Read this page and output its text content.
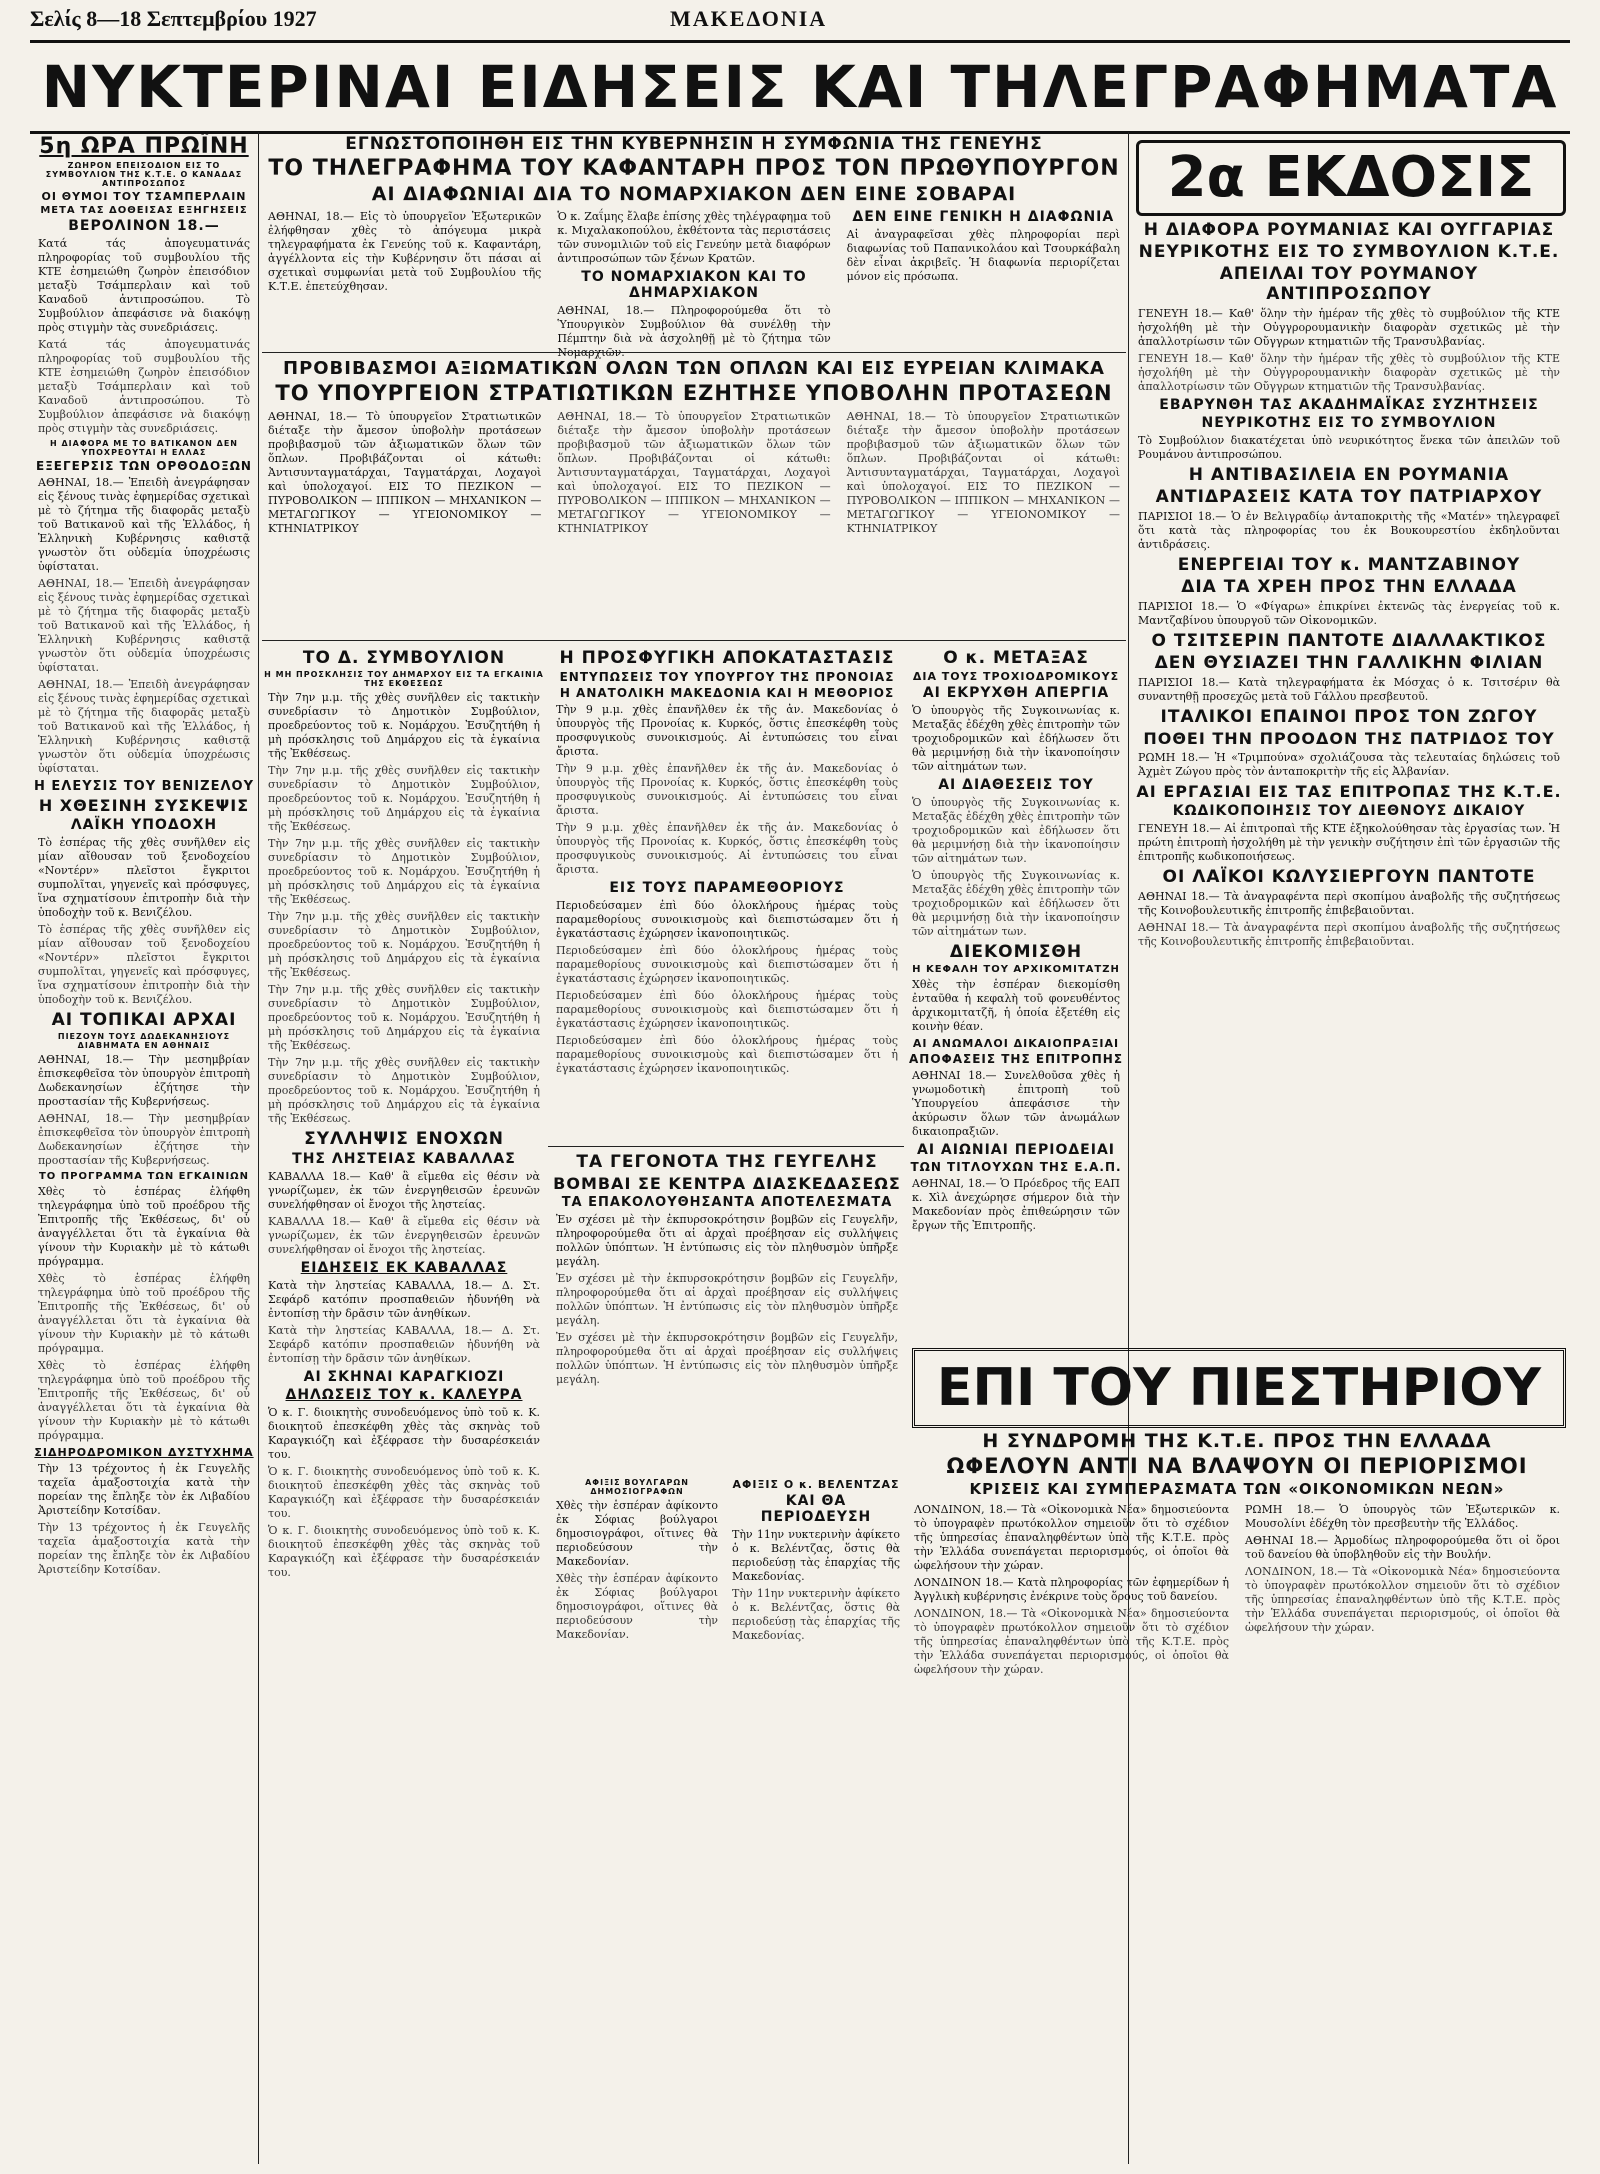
Σελίς 8—18 Σεπτεμβρίου 1927	ΜΑΚΕΔΟΝΙΑ
ΝΥΚΤΕΡΙΝΑΙ ΕΙΔΗΣΕΙΣ ΚΑΙ ΤΗΛΕΓΡΑΦΗΜΑΤΑ
5η ΩΡΑ ΠΡΩΪΝΗ
ΖΩΗΡΟΝ ΕΠΕΙΣΟΔΙΟΝ ΕΙΣ ΤΟ ΣΥΜΒΟΥΛΙΟΝ ΤΗΣ Κ.Τ.Ε. Ο ΚΑΝΑΔΑΣ ΑΝΤΙΠΡΟΣΩΠΟΣ
ΟΙ ΘΥΜΟΙ ΤΟΥ ΤΣΑΜΠΕΡΛΑΙΝ
ΜΕΤΑ ΤΑΣ ΔΟΘΕΙΣΑΣ ΕΞΗΓΗΣΕΙΣ
ΒΕΡΟΛΙΝΟΝ 18.—
Κατά τάς ἀπογευματινάς πληροφορίας τοῦ συμβουλίου τῆς ΚΤΕ ἐσημειώθη ζωηρὸν ἐπεισόδιον μεταξὺ Τσάμπερλαιν καὶ τοῦ Καναδοῦ ἀντιπροσώπου. Τὸ Συμβούλιον ἀπεφάσισε νὰ διακόψῃ πρὸς στιγμὴν τὰς συνεδριάσεις.
Κατά τάς ἀπογευματινάς πληροφορίας τοῦ συμβουλίου τῆς ΚΤΕ ἐσημειώθη ζωηρὸν ἐπεισόδιον μεταξὺ Τσάμπερλαιν καὶ τοῦ Καναδοῦ ἀντιπροσώπου. Τὸ Συμβούλιον ἀπεφάσισε νὰ διακόψῃ πρὸς στιγμὴν τὰς συνεδριάσεις.
Η ΔΙΑΦΟΡΑ ΜΕ ΤΟ ΒΑΤΙΚΑΝΟΝ ΔΕΝ ΥΠΟΧΡΕΟΥΤΑΙ Η ΕΛΛΑΣ
ΕΞΕΓΕΡΣΙΣ ΤΩΝ ΟΡΘΟΔΟΞΩΝ
ΑΘΗΝΑΙ, 18.— Ἐπειδὴ ἀνεγράφησαν εἰς ξένους τινὰς ἐφημερίδας σχετικαὶ μὲ τὸ ζήτημα τῆς διαφορᾶς μεταξὺ τοῦ Βατικανοῦ καὶ τῆς Ἑλλάδος, ἡ Ἑλληνικὴ Κυβέρνησις καθιστᾷ γνωστὸν ὅτι οὐδεμία ὑποχρέωσις ὑφίσταται.
ΑΘΗΝΑΙ, 18.— Ἐπειδὴ ἀνεγράφησαν εἰς ξένους τινὰς ἐφημερίδας σχετικαὶ μὲ τὸ ζήτημα τῆς διαφορᾶς μεταξὺ τοῦ Βατικανοῦ καὶ τῆς Ἑλλάδος, ἡ Ἑλληνικὴ Κυβέρνησις καθιστᾷ γνωστὸν ὅτι οὐδεμία ὑποχρέωσις ὑφίσταται.
ΑΘΗΝΑΙ, 18.— Ἐπειδὴ ἀνεγράφησαν εἰς ξένους τινὰς ἐφημερίδας σχετικαὶ μὲ τὸ ζήτημα τῆς διαφορᾶς μεταξὺ τοῦ Βατικανοῦ καὶ τῆς Ἑλλάδος, ἡ Ἑλληνικὴ Κυβέρνησις καθιστᾷ γνωστὸν ὅτι οὐδεμία ὑποχρέωσις ὑφίσταται.
Η ΕΛΕΥΣΙΣ ΤΟΥ ΒΕΝΙΖΕΛΟΥ
Η ΧΘΕΣΙΝΗ ΣΥΣΚΕΨΙΣ
ΛΑΪΚΗ ΥΠΟΔΟΧΗ
Τὸ ἑσπέρας τῆς χθὲς συνῆλθεν εἰς μίαν αἴθουσαν τοῦ ξενοδοχείου «Νοντέρν» πλεῖστοι ἔγκριτοι συμπολῖται, γηγενεῖς καὶ πρόσφυγες, ἵνα σχηματίσουν ἐπιτροπὴν διὰ τὴν ὑποδοχὴν τοῦ κ. Βενιζέλου.
Τὸ ἑσπέρας τῆς χθὲς συνῆλθεν εἰς μίαν αἴθουσαν τοῦ ξενοδοχείου «Νοντέρν» πλεῖστοι ἔγκριτοι συμπολῖται, γηγενεῖς καὶ πρόσφυγες, ἵνα σχηματίσουν ἐπιτροπὴν διὰ τὴν ὑποδοχὴν τοῦ κ. Βενιζέλου.
ΑΙ ΤΟΠΙΚΑΙ ΑΡΧΑΙ
ΠΙΕΖΟΥΝ ΤΟΥΣ ΔΩΔΕΚΑΝΗΣΙΟΥΣ ΔΙΑΒΗΜΑΤΑ ΕΝ ΑΘΗΝΑΙΣ
ΑΘΗΝΑΙ, 18.— Τὴν μεσημβρίαν ἐπισκεφθεῖσα τὸν ὑπουργὸν ἐπιτροπὴ Δωδεκανησίων ἐζήτησε τὴν προστασίαν τῆς Κυβερνήσεως.
ΑΘΗΝΑΙ, 18.— Τὴν μεσημβρίαν ἐπισκεφθεῖσα τὸν ὑπουργὸν ἐπιτροπὴ Δωδεκανησίων ἐζήτησε τὴν προστασίαν τῆς Κυβερνήσεως.
ΤΟ ΠΡΟΓΡΑΜΜΑ ΤΩΝ ΕΓΚΑΙΝΙΩΝ
Χθὲς τὸ ἑσπέρας ἐλήφθη τηλεγράφημα ὑπὸ τοῦ προέδρου τῆς Ἐπιτροπῆς τῆς Ἐκθέσεως, δι' οὗ ἀναγγέλλεται ὅτι τὰ ἐγκαίνια θὰ γίνουν τὴν Κυριακὴν μὲ τὸ κάτωθι πρόγραμμα.
Χθὲς τὸ ἑσπέρας ἐλήφθη τηλεγράφημα ὑπὸ τοῦ προέδρου τῆς Ἐπιτροπῆς τῆς Ἐκθέσεως, δι' οὗ ἀναγγέλλεται ὅτι τὰ ἐγκαίνια θὰ γίνουν τὴν Κυριακὴν μὲ τὸ κάτωθι πρόγραμμα.
Χθὲς τὸ ἑσπέρας ἐλήφθη τηλεγράφημα ὑπὸ τοῦ προέδρου τῆς Ἐπιτροπῆς τῆς Ἐκθέσεως, δι' οὗ ἀναγγέλλεται ὅτι τὰ ἐγκαίνια θὰ γίνουν τὴν Κυριακὴν μὲ τὸ κάτωθι πρόγραμμα.
ΣΙΔΗΡΟΔΡΟΜΙΚΟΝ ΔΥΣΤΥΧΗΜΑ
Τὴν 13 τρέχοντος ἡ ἐκ Γευγελῆς ταχεῖα ἀμαξοστοιχία κατὰ τὴν πορείαν της ἔπληξε τὸν ἐκ Λιβαδίου Ἀριστείδην Κοτσίδαν.
Τὴν 13 τρέχοντος ἡ ἐκ Γευγελῆς ταχεῖα ἀμαξοστοιχία κατὰ τὴν πορείαν της ἔπληξε τὸν ἐκ Λιβαδίου Ἀριστείδην Κοτσίδαν.
ΕΓΝΩΣΤΟΠΟΙΗΘΗ ΕΙΣ ΤΗΝ ΚΥΒΕΡΝΗΣΙΝ Η ΣΥΜΦΩΝΙΑ ΤΗΣ ΓΕΝΕΥΗΣ
ΤΟ ΤΗΛΕΓΡΑΦΗΜΑ ΤΟΥ ΚΑΦΑΝΤΑΡΗ ΠΡΟΣ ΤΟΝ ΠΡΩΘΥΠΟΥΡΓΟΝ
ΑΙ ΔΙΑΦΩΝΙΑΙ ΔΙΑ ΤΟ ΝΟΜΑΡΧΙΑΚΟΝ ΔΕΝ ΕΙΝΕ ΣΟΒΑΡΑΙ
ΑΘΗΝΑΙ, 18.— Εἰς τὸ ὑπουργεῖον Ἐξωτερικῶν ἐλήφθησαν χθὲς τὸ ἀπόγευμα μικρὰ τηλεγραφήματα ἐκ Γενεύης τοῦ κ. Καφαντάρη, ἀγγέλλοντα εἰς τὴν Κυβέρνησιν ὅτι πάσαι αἱ σχετικαὶ συμφωνίαι μετὰ τοῦ Συμβουλίου τῆς Κ.Τ.Ε. ἐπετεύχθησαν.
Ὁ κ. Ζαΐμης ἔλαβε ἐπίσης χθὲς τηλέγραφημα τοῦ κ. Μιχαλακοπούλου, ἐκθέτοντα τὰς περιστάσεις τῶν συνομιλιῶν τοῦ εἰς Γενεύην μετὰ διαφόρων ἀντιπροσώπων τῶν ξένων Κρατῶν.
ΤΟ ΝΟΜΑΡΧΙΑΚΟΝ ΚΑΙ ΤΟ ΔΗΜΑΡΧΙΑΚΟΝ
ΑΘΗΝΑΙ, 18.— Πληροφορούμεθα ὅτι τὸ Ὑπουργικὸν Συμβούλιον θὰ συνέλθῃ τὴν Πέμπτην διὰ νὰ ἀσχοληθῇ μὲ τὸ ζήτημα τῶν Νομαρχιῶν.
ΔΕΝ ΕΙΝΕ ΓΕΝΙΚΗ Η ΔΙΑΦΩΝΙΑ
Αἱ ἀναγραφεῖσαι χθὲς πληροφορίαι περὶ διαφωνίας τοῦ Παπανικολάου καὶ Τσουρκάβαλη δὲν εἶναι ἀκριβεῖς. Ἡ διαφωνία περιορίζεται μόνον εἰς πρόσωπα.
ΠΡΟΒΙΒΑΣΜΟΙ ΑΞΙΩΜΑΤΙΚΩΝ ΟΛΩΝ ΤΩΝ ΟΠΛΩΝ ΚΑΙ ΕΙΣ ΕΥΡΕΙΑΝ ΚΛΙΜΑΚΑ
ΤΟ ΥΠΟΥΡΓΕΙΟΝ ΣΤΡΑΤΙΩΤΙΚΩΝ ΕΖΗΤΗΣΕ ΥΠΟΒΟΛΗΝ ΠΡΟΤΑΣΕΩΝ
ΑΘΗΝΑΙ, 18.— Τὸ ὑπουργεῖον Στρατιωτικῶν διέταξε τὴν ἄμεσον ὑποβολὴν προτάσεων προβιβασμοῦ τῶν ἀξιωματικῶν ὅλων τῶν ὅπλων. Προβιβάζονται οἱ κάτωθι: Ἀντισυνταγματάρχαι, Ταγματάρχαι, Λοχαγοὶ καὶ ὑπολοχαγοί. ΕΙΣ ΤΟ ΠΕΖΙΚΟΝ — ΠΥΡΟΒΟΛΙΚΟΝ — ΙΠΠΙΚΟΝ — ΜΗΧΑΝΙΚΟΝ — ΜΕΤΑΓΩΓΙΚΟΥ — ΥΓΕΙΟΝΟΜΙΚΟΥ — ΚΤΗΝΙΑΤΡΙΚΟΥ
ΑΘΗΝΑΙ, 18.— Τὸ ὑπουργεῖον Στρατιωτικῶν διέταξε τὴν ἄμεσον ὑποβολὴν προτάσεων προβιβασμοῦ τῶν ἀξιωματικῶν ὅλων τῶν ὅπλων. Προβιβάζονται οἱ κάτωθι: Ἀντισυνταγματάρχαι, Ταγματάρχαι, Λοχαγοὶ καὶ ὑπολοχαγοί. ΕΙΣ ΤΟ ΠΕΖΙΚΟΝ — ΠΥΡΟΒΟΛΙΚΟΝ — ΙΠΠΙΚΟΝ — ΜΗΧΑΝΙΚΟΝ — ΜΕΤΑΓΩΓΙΚΟΥ — ΥΓΕΙΟΝΟΜΙΚΟΥ — ΚΤΗΝΙΑΤΡΙΚΟΥ
ΑΘΗΝΑΙ, 18.— Τὸ ὑπουργεῖον Στρατιωτικῶν διέταξε τὴν ἄμεσον ὑποβολὴν προτάσεων προβιβασμοῦ τῶν ἀξιωματικῶν ὅλων τῶν ὅπλων. Προβιβάζονται οἱ κάτωθι: Ἀντισυνταγματάρχαι, Ταγματάρχαι, Λοχαγοὶ καὶ ὑπολοχαγοί. ΕΙΣ ΤΟ ΠΕΖΙΚΟΝ — ΠΥΡΟΒΟΛΙΚΟΝ — ΙΠΠΙΚΟΝ — ΜΗΧΑΝΙΚΟΝ — ΜΕΤΑΓΩΓΙΚΟΥ — ΥΓΕΙΟΝΟΜΙΚΟΥ — ΚΤΗΝΙΑΤΡΙΚΟΥ
ΤΟ Δ. ΣΥΜΒΟΥΛΙΟΝ
Η ΜΗ ΠΡΟΣΚΛΗΣΙΣ ΤΟΥ ΔΗΜΑΡΧΟΥ ΕΙΣ ΤΑ ΕΓΚΑΙΝΙΑ ΤΗΣ ΕΚΘΕΣΕΩΣ
Τὴν 7ην μ.μ. τῆς χθὲς συνῆλθεν εἰς τακτικὴν συνεδρίασιν τὸ Δημοτικὸν Συμβούλιον, προεδρεύοντος τοῦ κ. Νομάρχου. Ἐσυζητήθη ἡ μὴ πρόσκλησις τοῦ Δημάρχου εἰς τὰ ἐγκαίνια τῆς Ἐκθέσεως.
Τὴν 7ην μ.μ. τῆς χθὲς συνῆλθεν εἰς τακτικὴν συνεδρίασιν τὸ Δημοτικὸν Συμβούλιον, προεδρεύοντος τοῦ κ. Νομάρχου. Ἐσυζητήθη ἡ μὴ πρόσκλησις τοῦ Δημάρχου εἰς τὰ ἐγκαίνια τῆς Ἐκθέσεως.
Τὴν 7ην μ.μ. τῆς χθὲς συνῆλθεν εἰς τακτικὴν συνεδρίασιν τὸ Δημοτικὸν Συμβούλιον, προεδρεύοντος τοῦ κ. Νομάρχου. Ἐσυζητήθη ἡ μὴ πρόσκλησις τοῦ Δημάρχου εἰς τὰ ἐγκαίνια τῆς Ἐκθέσεως.
Τὴν 7ην μ.μ. τῆς χθὲς συνῆλθεν εἰς τακτικὴν συνεδρίασιν τὸ Δημοτικὸν Συμβούλιον, προεδρεύοντος τοῦ κ. Νομάρχου. Ἐσυζητήθη ἡ μὴ πρόσκλησις τοῦ Δημάρχου εἰς τὰ ἐγκαίνια τῆς Ἐκθέσεως.
Τὴν 7ην μ.μ. τῆς χθὲς συνῆλθεν εἰς τακτικὴν συνεδρίασιν τὸ Δημοτικὸν Συμβούλιον, προεδρεύοντος τοῦ κ. Νομάρχου. Ἐσυζητήθη ἡ μὴ πρόσκλησις τοῦ Δημάρχου εἰς τὰ ἐγκαίνια τῆς Ἐκθέσεως.
Τὴν 7ην μ.μ. τῆς χθὲς συνῆλθεν εἰς τακτικὴν συνεδρίασιν τὸ Δημοτικὸν Συμβούλιον, προεδρεύοντος τοῦ κ. Νομάρχου. Ἐσυζητήθη ἡ μὴ πρόσκλησις τοῦ Δημάρχου εἰς τὰ ἐγκαίνια τῆς Ἐκθέσεως.
ΣΥΛΛΗΨΙΣ ΕΝΟΧΩΝ
ΤΗΣ ΛΗΣΤΕΙΑΣ ΚΑΒΑΛΛΑΣ
ΚΑΒΑΛΛΑ 18.— Καθ' ἃ εἴμεθα εἰς θέσιν νὰ γνωρίζωμεν, ἐκ τῶν ἐνεργηθεισῶν ἐρευνῶν συνελήφθησαν οἱ ἔνοχοι τῆς ληστείας.
ΚΑΒΑΛΛΑ 18.— Καθ' ἃ εἴμεθα εἰς θέσιν νὰ γνωρίζωμεν, ἐκ τῶν ἐνεργηθεισῶν ἐρευνῶν συνελήφθησαν οἱ ἔνοχοι τῆς ληστείας.
ΕΙΔΗΣΕΙΣ ΕΚ ΚΑΒΑΛΛΑΣ
Κατὰ τὴν ληστείας ΚΑΒΑΛΛΑ, 18.— Δ. Στ. Σεφάρδ κατόπιν προσπαθειῶν ἠδυνήθη νὰ ἐντοπίσῃ τὴν δρᾶσιν τῶν ἀνηθίκων.
Κατὰ τὴν ληστείας ΚΑΒΑΛΛΑ, 18.— Δ. Στ. Σεφάρδ κατόπιν προσπαθειῶν ἠδυνήθη νὰ ἐντοπίσῃ τὴν δρᾶσιν τῶν ἀνηθίκων.
ΑΙ ΣΚΗΝΑΙ ΚΑΡΑΓΚΙΟΖΙ
ΔΗΛΩΣΕΙΣ ΤΟΥ κ. ΚΑΛΕΥΡΑ
Ὁ κ. Γ. διοικητὴς συνοδευόμενος ὑπὸ τοῦ κ. Κ. διοικητοῦ ἐπεσκέφθη χθὲς τὰς σκηνὰς τοῦ Καραγκιόζη καὶ ἐξέφρασε τὴν δυσαρέσκειάν του.
Ὁ κ. Γ. διοικητὴς συνοδευόμενος ὑπὸ τοῦ κ. Κ. διοικητοῦ ἐπεσκέφθη χθὲς τὰς σκηνὰς τοῦ Καραγκιόζη καὶ ἐξέφρασε τὴν δυσαρέσκειάν του.
Ὁ κ. Γ. διοικητὴς συνοδευόμενος ὑπὸ τοῦ κ. Κ. διοικητοῦ ἐπεσκέφθη χθὲς τὰς σκηνὰς τοῦ Καραγκιόζη καὶ ἐξέφρασε τὴν δυσαρέσκειάν του.
Η ΠΡΟΣΦΥΓΙΚΗ ΑΠΟΚΑΤΑΣΤΑΣΙΣ
ΕΝΤΥΠΩΣΕΙΣ ΤΟΥ ΥΠΟΥΡΓΟΥ ΤΗΣ ΠΡΟΝΟΙΑΣ
Η ΑΝΑΤΟΛΙΚΗ ΜΑΚΕΔΟΝΙΑ ΚΑΙ Η ΜΕΘΟΡΙΟΣ
Τὴν 9 μ.μ. χθὲς ἐπανῆλθεν ἐκ τῆς ἀν. Μακεδονίας ὁ ὑπουργὸς τῆς Προνοίας κ. Κυρκός, ὅστις ἐπεσκέφθη τοὺς προσφυγικοὺς συνοικισμούς. Αἱ ἐντυπώσεις του εἶναι ἄριστα.
Τὴν 9 μ.μ. χθὲς ἐπανῆλθεν ἐκ τῆς ἀν. Μακεδονίας ὁ ὑπουργὸς τῆς Προνοίας κ. Κυρκός, ὅστις ἐπεσκέφθη τοὺς προσφυγικοὺς συνοικισμούς. Αἱ ἐντυπώσεις του εἶναι ἄριστα.
Τὴν 9 μ.μ. χθὲς ἐπανῆλθεν ἐκ τῆς ἀν. Μακεδονίας ὁ ὑπουργὸς τῆς Προνοίας κ. Κυρκός, ὅστις ἐπεσκέφθη τοὺς προσφυγικοὺς συνοικισμούς. Αἱ ἐντυπώσεις του εἶναι ἄριστα.
ΕΙΣ ΤΟΥΣ ΠΑΡΑΜΕΘΟΡΙΟΥΣ
Περιοδεύσαμεν ἐπὶ δύο ὁλοκλήρους ἡμέρας τοὺς παραμεθορίους συνοικισμοὺς καὶ διεπιστώσαμεν ὅτι ἡ ἐγκατάστασις ἐχώρησεν ἱκανοποιητικῶς.
Περιοδεύσαμεν ἐπὶ δύο ὁλοκλήρους ἡμέρας τοὺς παραμεθορίους συνοικισμοὺς καὶ διεπιστώσαμεν ὅτι ἡ ἐγκατάστασις ἐχώρησεν ἱκανοποιητικῶς.
Περιοδεύσαμεν ἐπὶ δύο ὁλοκλήρους ἡμέρας τοὺς παραμεθορίους συνοικισμοὺς καὶ διεπιστώσαμεν ὅτι ἡ ἐγκατάστασις ἐχώρησεν ἱκανοποιητικῶς.
Περιοδεύσαμεν ἐπὶ δύο ὁλοκλήρους ἡμέρας τοὺς παραμεθορίους συνοικισμοὺς καὶ διεπιστώσαμεν ὅτι ἡ ἐγκατάστασις ἐχώρησεν ἱκανοποιητικῶς.
Ο κ. ΜΕΤΑΞΑΣ
ΔΙΑ ΤΟΥΣ ΤΡΟΧΙΟΔΡΟΜΙΚΟΥΣ
ΑΙ ΕΚΡΥΧΘΗ ΑΠΕΡΓΙΑ
Ὁ ὑπουργὸς τῆς Συγκοινωνίας κ. Μεταξᾶς ἐδέχθη χθὲς ἐπιτροπὴν τῶν τροχιοδρομικῶν καὶ ἐδήλωσεν ὅτι θὰ μεριμνήσῃ διὰ τὴν ἱκανοποίησιν τῶν αἰτημάτων των.
ΑΙ ΔΙΑΘΕΣΕΙΣ ΤΟΥ
Ὁ ὑπουργὸς τῆς Συγκοινωνίας κ. Μεταξᾶς ἐδέχθη χθὲς ἐπιτροπὴν τῶν τροχιοδρομικῶν καὶ ἐδήλωσεν ὅτι θὰ μεριμνήσῃ διὰ τὴν ἱκανοποίησιν τῶν αἰτημάτων των.
Ὁ ὑπουργὸς τῆς Συγκοινωνίας κ. Μεταξᾶς ἐδέχθη χθὲς ἐπιτροπὴν τῶν τροχιοδρομικῶν καὶ ἐδήλωσεν ὅτι θὰ μεριμνήσῃ διὰ τὴν ἱκανοποίησιν τῶν αἰτημάτων των.
ΔΙΕΚΟΜΙΣΘΗ
Η ΚΕΦΑΛΗ ΤΟΥ ΑΡΧΙΚΟΜΙΤΑΤΖΗ
Χθὲς τὴν ἑσπέραν διεκομίσθη ἐνταῦθα ἡ κεφαλὴ τοῦ φονευθέντος ἀρχικομιτατζῆ, ἡ ὁποία ἐξετέθη εἰς κοινὴν θέαν.
ΑΙ ΑΝΩΜΑΛΟΙ ΔΙΚΑΙΟΠΡΑΞΙΑΙ
ΑΠΟΦΑΣΕΙΣ ΤΗΣ ΕΠΙΤΡΟΠΗΣ
ΑΘΗΝΑΙ 18.— Συνελθοῦσα χθὲς ἡ γνωμοδοτικὴ ἐπιτροπὴ τοῦ Ὑπουργείου ἀπεφάσισε τὴν ἀκύρωσιν ὅλων τῶν ἀνωμάλων δικαιοπραξιῶν.
ΑΙ ΑΙΩΝΙΑΙ ΠΕΡΙΟΔΕΙΑΙ
ΤΩΝ ΤΙΤΛΟΥΧΩΝ ΤΗΣ Ε.Α.Π.
ΑΘΗΝΑΙ, 18.— Ὁ Πρόεδρος τῆς ΕΑΠ κ. Χὶλ ἀνεχώρησε σήμερον διὰ τὴν Μακεδονίαν πρὸς ἐπιθεώρησιν τῶν ἔργων τῆς Ἐπιτροπῆς.
ΤΑ ΓΕΓΟΝΟΤΑ ΤΗΣ ΓΕΥΓΕΛΗΣ
ΒΟΜΒΑΙ ΣΕ ΚΕΝΤΡΑ ΔΙΑΣΚΕΔΑΣΕΩΣ
ΤΑ ΕΠΑΚΟΛΟΥΘΗΣΑΝΤΑ ΑΠΟΤΕΛΕΣΜΑΤΑ
Ἐν σχέσει μὲ τὴν ἐκπυρσοκρότησιν βομβῶν εἰς Γευγελῆν, πληροφορούμεθα ὅτι αἱ ἀρχαὶ προέβησαν εἰς συλλήψεις πολλῶν ὑπόπτων. Ἡ ἐντύπωσις εἰς τὸν πληθυσμὸν ὑπῆρξε μεγάλη.
Ἐν σχέσει μὲ τὴν ἐκπυρσοκρότησιν βομβῶν εἰς Γευγελῆν, πληροφορούμεθα ὅτι αἱ ἀρχαὶ προέβησαν εἰς συλλήψεις πολλῶν ὑπόπτων. Ἡ ἐντύπωσις εἰς τὸν πληθυσμὸν ὑπῆρξε μεγάλη.
Ἐν σχέσει μὲ τὴν ἐκπυρσοκρότησιν βομβῶν εἰς Γευγελῆν, πληροφορούμεθα ὅτι αἱ ἀρχαὶ προέβησαν εἰς συλλήψεις πολλῶν ὑπόπτων. Ἡ ἐντύπωσις εἰς τὸν πληθυσμὸν ὑπῆρξε μεγάλη.
ΑΦΙΞΙΣ ΒΟΥΛΓΑΡΩΝ ΔΗΜΟΣΙΟΓΡΑΦΩΝ
Χθὲς τὴν ἑσπέραν ἀφίκοντο ἐκ Σόφιας βούλγαροι δημοσιογράφοι, οἵτινες θὰ περιοδεύσουν τὴν Μακεδονίαν.
Χθὲς τὴν ἑσπέραν ἀφίκοντο ἐκ Σόφιας βούλγαροι δημοσιογράφοι, οἵτινες θὰ περιοδεύσουν τὴν Μακεδονίαν.
ΑΦΙΞΙΣ Ο κ. ΒΕΛΕΝΤΖΑΣ
ΚΑΙ ΘΑ ΠΕΡΙΟΔΕΥΣΗ
Τὴν 11ην νυκτερινὴν ἀφίκετο ὁ κ. Βελέντζας, ὅστις θὰ περιοδεύσῃ τὰς ἐπαρχίας τῆς Μακεδονίας.
Τὴν 11ην νυκτερινὴν ἀφίκετο ὁ κ. Βελέντζας, ὅστις θὰ περιοδεύσῃ τὰς ἐπαρχίας τῆς Μακεδονίας.
2α ΕΚΔΟΣΙΣ
Η ΔΙΑΦΟΡΑ ΡΟΥΜΑΝΙΑΣ ΚΑΙ ΟΥΓΓΑΡΙΑΣ
ΝΕΥΡΙΚΟΤΗΣ ΕΙΣ ΤΟ ΣΥΜΒΟΥΛΙΟΝ Κ.Τ.Ε.
ΑΠΕΙΛΑΙ ΤΟΥ ΡΟΥΜΑΝΟΥ ΑΝΤΙΠΡΟΣΩΠΟΥ
ΓΕΝΕΥΗ 18.— Καθ' ὅλην τὴν ἡμέραν τῆς χθὲς τὸ συμβούλιον τῆς ΚΤΕ ἠσχολήθη μὲ τὴν Οὐγγρορουμανικὴν διαφορὰν σχετικῶς μὲ τὴν ἀπαλλοτρίωσιν τῶν Οὔγγρων κτηματιῶν τῆς Τρανσυλβανίας.
ΓΕΝΕΥΗ 18.— Καθ' ὅλην τὴν ἡμέραν τῆς χθὲς τὸ συμβούλιον τῆς ΚΤΕ ἠσχολήθη μὲ τὴν Οὐγγρορουμανικὴν διαφορὰν σχετικῶς μὲ τὴν ἀπαλλοτρίωσιν τῶν Οὔγγρων κτηματιῶν τῆς Τρανσυλβανίας.
ΕΒΑΡΥΝΘΗ ΤΑΣ ΑΚΑΔΗΜΑΪΚΑΣ ΣΥΖΗΤΗΣΕΙΣ
ΝΕΥΡΙΚΟΤΗΣ ΕΙΣ ΤΟ ΣΥΜΒΟΥΛΙΟΝ
Τὸ Συμβούλιον διακατέχεται ὑπὸ νευρικότητος ἕνεκα τῶν ἀπειλῶν τοῦ Ρουμάνου ἀντιπροσώπου.
Η ΑΝΤΙΒΑΣΙΛΕΙΑ ΕΝ ΡΟΥΜΑΝΙΑ
ΑΝΤΙΔΡΑΣΕΙΣ ΚΑΤΑ ΤΟΥ ΠΑΤΡΙΑΡΧΟΥ
ΠΑΡΙΣΙΟΙ 18.— Ὁ ἐν Βελιγραδίῳ ἀνταποκριτὴς τῆς «Ματέν» τηλεγραφεῖ ὅτι κατὰ τὰς πληροφορίας του ἐκ Βουκουρεστίου ἐκδηλοῦνται ἀντιδράσεις.
ΕΝΕΡΓΕΙΑΙ ΤΟΥ κ. ΜΑΝΤΖΑΒΙΝΟΥ
ΔΙΑ ΤΑ ΧΡΕΗ ΠΡΟΣ ΤΗΝ ΕΛΛΑΔΑ
ΠΑΡΙΣΙΟΙ 18.— Ὁ «Φίγαρω» ἐπικρίνει ἐκτενῶς τὰς ἐνεργείας τοῦ κ. Μαντζαβίνου ὑπουργοῦ τῶν Οἰκονομικῶν.
Ο ΤΣΙΤΣΕΡΙΝ ΠΑΝΤΟΤΕ ΔΙΑΛΛΑΚΤΙΚΟΣ
ΔΕΝ ΘΥΣΙΑΖΕΙ ΤΗΝ ΓΑΛΛΙΚΗΝ ΦΙΛΙΑΝ
ΠΑΡΙΣΙΟΙ 18.— Κατὰ τηλεγραφήματα ἐκ Μόσχας ὁ κ. Τσιτσέριν θὰ συναντηθῇ προσεχῶς μετὰ τοῦ Γάλλου πρεσβευτοῦ.
ΙΤΑΛΙΚΟΙ ΕΠΑΙΝΟΙ ΠΡΟΣ ΤΟΝ ΖΩΓΟΥ
ΠΟΘΕΙ ΤΗΝ ΠΡΟΟΔΟΝ ΤΗΣ ΠΑΤΡΙΔΟΣ ΤΟΥ
ΡΩΜΗ 18.— Ἡ «Τριμπούνα» σχολιάζουσα τὰς τελευταίας δηλώσεις τοῦ Ἀχμὲτ Ζώγου πρὸς τὸν ἀνταποκριτὴν τῆς εἰς Ἀλβανίαν.
ΑΙ ΕΡΓΑΣΙΑΙ ΕΙΣ ΤΑΣ ΕΠΙΤΡΟΠΑΣ ΤΗΣ Κ.Τ.Ε.
ΚΩΔΙΚΟΠΟΙΗΣΙΣ ΤΟΥ ΔΙΕΘΝΟΥΣ ΔΙΚΑΙΟΥ
ΓΕΝΕΥΗ 18.— Αἱ ἐπιτροπαὶ τῆς ΚΤΕ ἐξηκολούθησαν τὰς ἐργασίας των. Ἡ πρώτη ἐπιτροπὴ ἠσχολήθη μὲ τὴν γενικὴν συζήτησιν ἐπὶ τῶν ἐργασιῶν τῆς ἐπιτροπῆς κωδικοποιήσεως.
ΟΙ ΛΑΪΚΟΙ ΚΩΛΥΣΙΕΡΓΟΥΝ ΠΑΝΤΟΤΕ
ΑΘΗΝΑΙ 18.— Τὰ ἀναγραφέντα περὶ σκοπίμου ἀναβολῆς τῆς συζητήσεως τῆς Κοινοβουλευτικῆς ἐπιτροπῆς ἐπιβεβαιοῦνται.
ΑΘΗΝΑΙ 18.— Τὰ ἀναγραφέντα περὶ σκοπίμου ἀναβολῆς τῆς συζητήσεως τῆς Κοινοβουλευτικῆς ἐπιτροπῆς ἐπιβεβαιοῦνται.
ΕΠΙ ΤΟΥ ΠΙΕΣΤΗΡΙΟΥ
Η ΣΥΝΔΡΟΜΗ ΤΗΣ Κ.Τ.Ε. ΠΡΟΣ ΤΗΝ ΕΛΛΑΔΑ
ΩΦΕΛΟΥΝ ΑΝΤΙ ΝΑ ΒΛΑΨΟΥΝ ΟΙ ΠΕΡΙΟΡΙΣΜΟΙ
ΚΡΙΣΕΙΣ ΚΑΙ ΣΥΜΠΕΡΑΣΜΑΤΑ ΤΩΝ «ΟΙΚΟΝΟΜΙΚΩΝ ΝΕΩΝ»
ΛΟΝΔΙΝΟΝ, 18.— Τὰ «Οἰκονομικὰ Νέα» δημοσιεύοντα τὸ ὑπογραφὲν πρωτόκολλον σημειοῦν ὅτι τὸ σχέδιον τῆς ὑπηρεσίας ἐπαναληφθέντων ὑπὸ τῆς Κ.Τ.Ε. πρὸς τὴν Ἑλλάδα συνεπάγεται περιορισμούς, οἱ ὁποῖοι θὰ ὠφελήσουν τὴν χώραν.
ΛΟΝΔΙΝΟΝ 18.— Κατὰ πληροφορίας τῶν ἐφημερίδων ἡ Ἀγγλικὴ κυβέρνησις ἐνέκρινε τοὺς ὅρους τοῦ δανείου.
ΛΟΝΔΙΝΟΝ, 18.— Τὰ «Οἰκονομικὰ Νέα» δημοσιεύοντα τὸ ὑπογραφὲν πρωτόκολλον σημειοῦν ὅτι τὸ σχέδιον τῆς ὑπηρεσίας ἐπαναληφθέντων ὑπὸ τῆς Κ.Τ.Ε. πρὸς τὴν Ἑλλάδα συνεπάγεται περιορισμούς, οἱ ὁποῖοι θὰ ὠφελήσουν τὴν χώραν.
ΡΩΜΗ 18.— Ὁ ὑπουργὸς τῶν Ἐξωτερικῶν κ. Μουσολίνι ἐδέχθη τὸν πρεσβευτὴν τῆς Ἑλλάδος.
ΑΘΗΝΑΙ 18.— Ἀρμοδίως πληροφορούμεθα ὅτι οἱ ὅροι τοῦ δανείου θὰ ὑποβληθοῦν εἰς τὴν Βουλήν.
ΛΟΝΔΙΝΟΝ, 18.— Τὰ «Οἰκονομικὰ Νέα» δημοσιεύοντα τὸ ὑπογραφὲν πρωτόκολλον σημειοῦν ὅτι τὸ σχέδιον τῆς ὑπηρεσίας ἐπαναληφθέντων ὑπὸ τῆς Κ.Τ.Ε. πρὸς τὴν Ἑλλάδα συνεπάγεται περιορισμούς, οἱ ὁποῖοι θὰ ὠφελήσουν τὴν χώραν.
